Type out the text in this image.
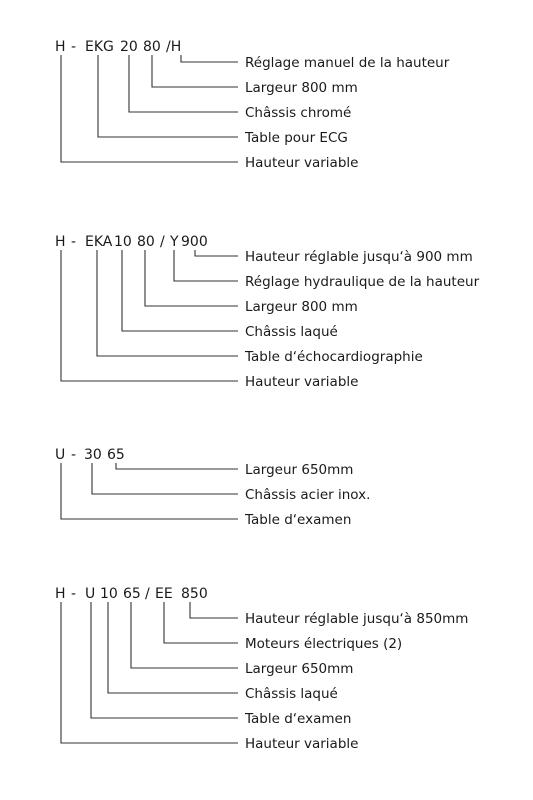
H - EKG 20 80 /H
Réglage manuel de la hauteur
Largeur 800 mm
Châssis chromé
Table pour ECG
Hauteur variable
H - EKA 10 80 / Y 900
Hauteur réglable jusqu‘à 900 mm
Réglage hydraulique de la hauteur
Largeur 800 mm
Châssis laqué
Table d‘échocardiographie
Hauteur variable
U - 30 65
Largeur 650mm
Châssis acier inox.
Table d‘examen
H - U 10 65 / EE 850
Hauteur réglable jusqu‘à 850mm
Moteurs électriques (2)
Largeur 650mm
Châssis laqué
Table d‘examen
Hauteur variable
